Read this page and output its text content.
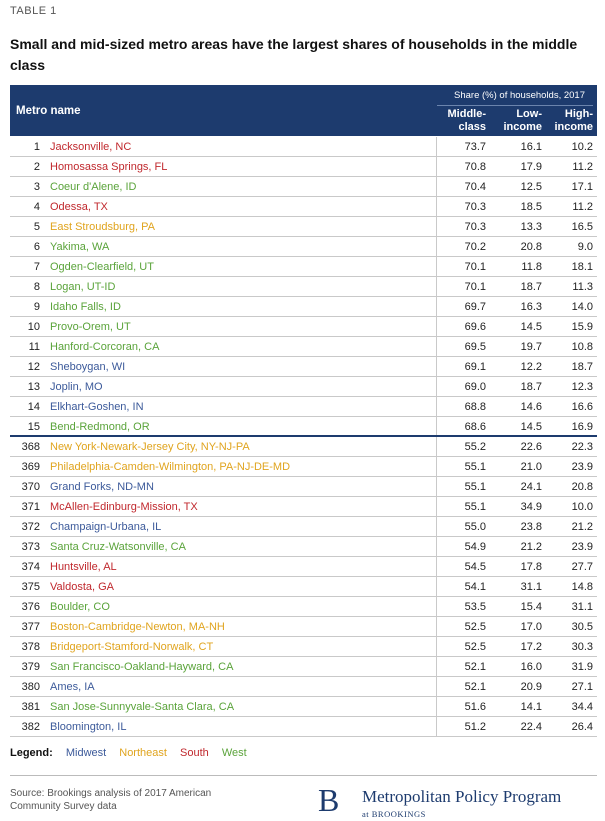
TABLE 1
Small and mid-sized metro areas have the largest shares of households in the middle class
Metro name
Share (%) of households, 2017
Middle-
class
Low-
income
High-
income
1 Jacksonville, NC	73.7	16.1	10.2
2 Homosassa Springs, FL	70.8	17.9	11.2
3 Coeur d'Alene, ID	70.4	12.5	17.1
4 Odessa, TX	70.3	18.5	11.2
5 East Stroudsburg, PA	70.3	13.3	16.5
6 Yakima, WA	70.2	20.8	9.0
7 Ogden-Clearfield, UT	70.1	11.8	18.1
8 Logan, UT-ID	70.1	18.7	11.3
9 Idaho Falls, ID	69.7	16.3	14.0
10 Provo-Orem, UT	69.6	14.5	15.9
11 Hanford-Corcoran, CA	69.5	19.7	10.8
12 Sheboygan, WI	69.1	12.2	18.7
13 Joplin, MO	69.0	18.7	12.3
14 Elkhart-Goshen, IN	68.8	14.6	16.6
15 Bend-Redmond, OR	68.6	14.5	16.9
368 New York-Newark-Jersey City, NY-NJ-PA	55.2	22.6	22.3
369 Philadelphia-Camden-Wilmington, PA-NJ-DE-MD	55.1	21.0	23.9
370 Grand Forks, ND-MN	55.1	24.1	20.8
371 McAllen-Edinburg-Mission, TX	55.1	34.9	10.0
372 Champaign-Urbana, IL	55.0	23.8	21.2
373 Santa Cruz-Watsonville, CA	54.9	21.2	23.9
374 Huntsville, AL	54.5	17.8	27.7
375 Valdosta, GA	54.1	31.1	14.8
376 Boulder, CO	53.5	15.4	31.1
377 Boston-Cambridge-Newton, MA-NH	52.5	17.0	30.5
378 Bridgeport-Stamford-Norwalk, CT	52.5	17.2	30.3
379 San Francisco-Oakland-Hayward, CA	52.1	16.0	31.9
380 Ames, IA	52.1	20.9	27.1
381 San Jose-Sunnyvale-Santa Clara, CA	51.6	14.1	34.4
382 Bloomington, IL	51.2	22.4	26.4
Legend: Midwest Northeast South West
Source: Brookings analysis of 2017 American Community Survey data	B Metropolitan Policy Program
at BROOKINGS
